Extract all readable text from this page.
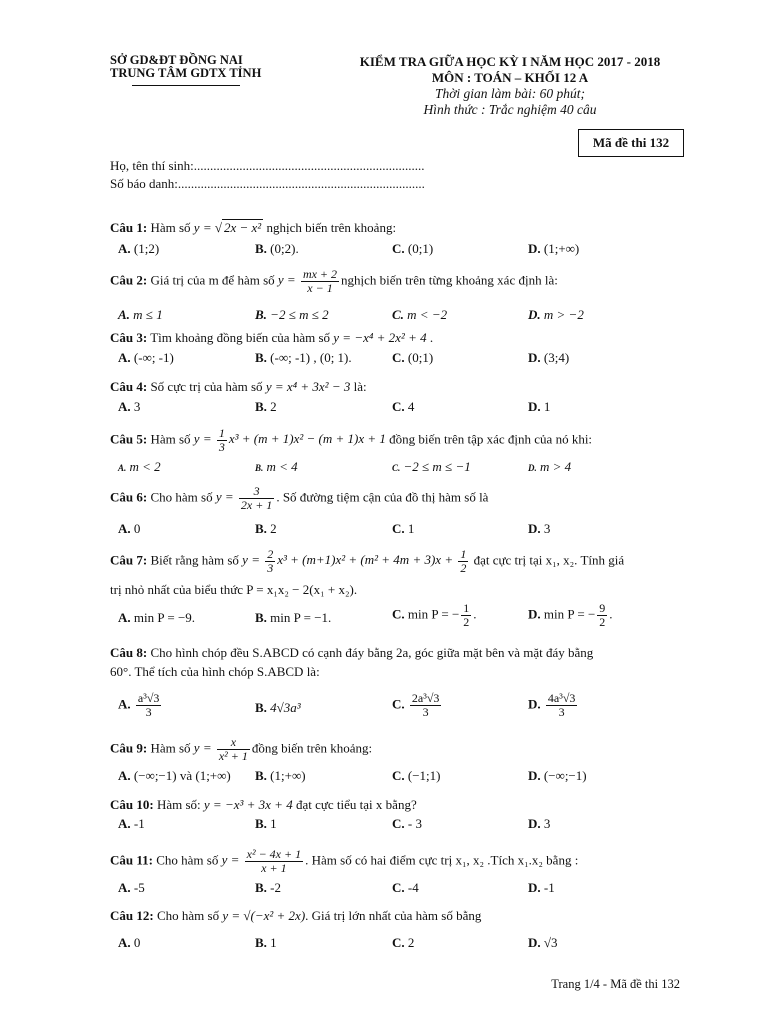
SỞ GD&ĐT ĐỒNG NAI
TRUNG TÂM GDTX TỈNH
KIỂM TRA GIỮA HỌC KỲ I NĂM HỌC 2017 - 2018
MÔN : TOÁN – KHỐI 12 A
Thời gian làm bài: 60 phút;
Hình thức : Trắc nghiệm 40 câu
Mã đề thi 132
Họ, tên thí sinh:.......................................................................
Số báo danh:............................................................................
Câu 1: Hàm số y = √ 2x − x² nghịch biến trên khoảng:
A. (1;2)	B. (0;2).	C. (0;1)	D. (1;+∞)
Câu 2: Giá trị của m để hàm số $y = \frac{mx + 2}{x - 1}$ nghịch biến trên từng khoảng xác định là:
A. m ≤ 1	B. −2 ≤ m ≤ 2	C. m < −2	D. m > −2
Câu 3: Tìm khoảng đồng biến của hàm số y = −x⁴ + 2x² + 4 .
A. (-∞; -1)	B. (-∞; -1) , (0; 1).	C. (0;1)	D. (3;4)
Câu 4: Số cực trị của hàm số y = x⁴ + 3x² − 3 là:
A. 3	B. 2	C. 4	D. 1
Câu 5: Hàm số $y = \frac{1}{3} x^3 + (m + 1)x^2 - (m + 1)x + 1$ đồng biến trên tập xác định của nó khi:
A. m < 2	B. m < 4	C. −2 ≤ m ≤ −1	D. m > 4
Câu 6: Cho hàm số $y = \frac{3}{2x + 1}$ . Số đường tiệm cận của đồ thị hàm số là
A. 0	B. 2	C. 1	D. 3
Câu 7: Biết rằng hàm số $y = \frac{2}{3} x^3 + (m+1)x^2 + (m^2 + 4m + 3)x + \frac{1}{2}$ đạt cực trị tại x₁, x₂. Tính giá
trị nhỏ nhất của biểu thức P = x₁x₂ − 2(x₁ + x₂).
A. min P = −9.	B. min P = −1.	C. min P = − $\frac{1}{2}$ .	D. min P = − $\frac{9}{2}$ .
Câu 8: Cho hình chóp đều S.ABCD có cạnh đáy bằng 2a, góc giữa mặt bên và mặt đáy bằng
60°. Thể tích của hình chóp S.ABCD là:
A. $\frac{\text{a³√3}}{3}$	B. 4√3a³	C. $\frac{\text{2a³√3}}{3}$	D. $\frac{\text{4a³√3}}{3}$
Câu 9: Hàm số $y = \frac{x}{\text{x² + 1}}$ đồng biến trên khoảng:
A. (−∞;−1) và (1;+∞) B. (1;+∞)	C. (−1;1)	D. (−∞;−1)
Câu 10: Hàm số: y = −x³ + 3x + 4 đạt cực tiểu tại x bằng?
A. -1	B. 1	C. - 3	D. 3
Câu 11: Cho hàm số $y = \frac{\text{x² − 4x + 1}}{x + 1}$ . Hàm số có hai điểm cực trị x₁, x₂ .Tích x₁.x₂ bằng :
A. -5	B. -2	C. -4	D. -1
Câu 12: Cho hàm số y = √(−x² + 2x). Giá trị lớn nhất của hàm số bằng
A. 0	B. 1	C. 2	D. √3
Trang 1/4 - Mã đề thi 132
